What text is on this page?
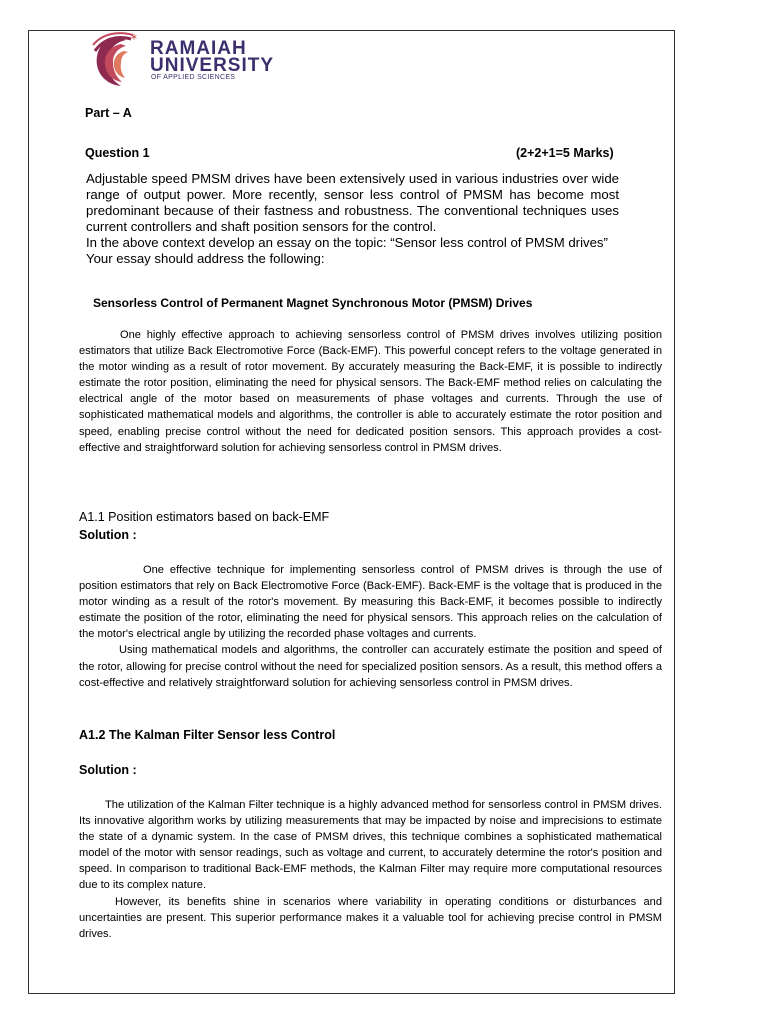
* RAMAIAH
UNIVERSITY
OF APPLIED SCIENCES
Part – A
Question 1	(2+2+1=5 Marks)

Adjustable speed PMSM drives have been extensively used in various industries over wide range of output power. More recently, sensor less control of PMSM has become most predominant because of their fastness and robustness. The conventional techniques uses current controllers and shaft position sensors for the control.

In the above context develop an essay on the topic: “Sensor less control of PMSM drives”

Your essay should address the following:

Sensorless Control of Permanent Magnet Synchronous Motor (PMSM) Drives

One highly effective approach to achieving sensorless control of PMSM drives involves utilizing position estimators that utilize Back Electromotive Force (Back-EMF). This powerful concept refers to the voltage generated in the motor winding as a result of rotor movement. By accurately measuring the Back-EMF, it is possible to indirectly estimate the rotor position, eliminating the need for physical sensors. The Back-EMF method relies on calculating the electrical angle of the motor based on measurements of phase voltages and currents. Through the use of sophisticated mathematical models and algorithms, the controller is able to accurately estimate the rotor position and speed, enabling precise control without the need for dedicated position sensors. This approach provides a cost-effective and straightforward solution for achieving sensorless control in PMSM drives.

A1.1 Position estimators based on back-EMF
Solution :

One effective technique for implementing sensorless control of PMSM drives is through the use of position estimators that rely on Back Electromotive Force (Back-EMF). Back-EMF is the voltage that is produced in the motor winding as a result of the rotor's movement. By measuring this Back-EMF, it becomes possible to indirectly estimate the position of the rotor, eliminating the need for physical sensors. This approach relies on the calculation of the motor's electrical angle by utilizing the recorded phase voltages and currents.

Using mathematical models and algorithms, the controller can accurately estimate the position and speed of the rotor, allowing for precise control without the need for specialized position sensors. As a result, this method offers a cost-effective and relatively straightforward solution for achieving sensorless control in PMSM drives.

A1.2 The Kalman Filter Sensor less Control
Solution :

The utilization of the Kalman Filter technique is a highly advanced method for sensorless control in PMSM drives. Its innovative algorithm works by utilizing measurements that may be impacted by noise and imprecisions to estimate the state of a dynamic system. In the case of PMSM drives, this technique combines a sophisticated mathematical model of the motor with sensor readings, such as voltage and current, to accurately determine the rotor's position and speed. In comparison to traditional Back-EMF methods, the Kalman Filter may require more computational resources due to its complex nature.

However, its benefits shine in scenarios where variability in operating conditions or disturbances and uncertainties are present. This superior performance makes it a valuable tool for achieving precise control in PMSM drives.
